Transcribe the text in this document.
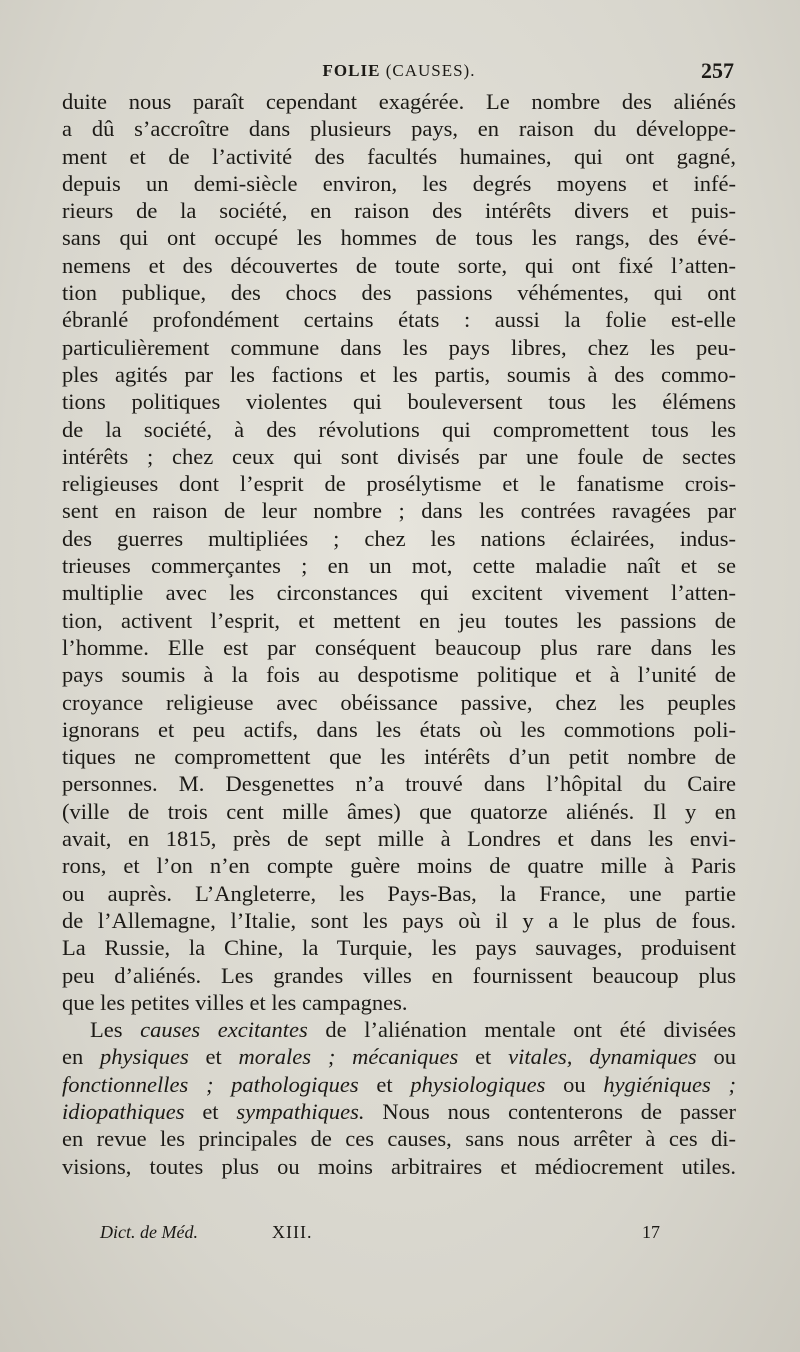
FOLIE (CAUSES).	257
duite nous paraît cependant exagérée. Le nombre des aliénés
a dû s’accroître dans plusieurs pays, en raison du développe-
ment et de l’activité des facultés humaines, qui ont gagné,
depuis un demi-siècle environ, les degrés moyens et infé-
rieurs de la société, en raison des intérêts divers et puis-
sans qui ont occupé les hommes de tous les rangs, des évé-
nemens et des découvertes de toute sorte, qui ont fixé l’atten-
tion publique, des chocs des passions véhémentes, qui ont
ébranlé profondément certains états : aussi la folie est-elle
particulièrement commune dans les pays libres, chez les peu-
ples agités par les factions et les partis, soumis à des commo-
tions politiques violentes qui bouleversent tous les élémens
de la société, à des révolutions qui compromettent tous les
intérêts ; chez ceux qui sont divisés par une foule de sectes
religieuses dont l’esprit de prosélytisme et le fanatisme crois-
sent en raison de leur nombre ; dans les contrées ravagées par
des guerres multipliées ; chez les nations éclairées, indus-
trieuses commerçantes ; en un mot, cette maladie naît et se
multiplie avec les circonstances qui excitent vivement l’atten-
tion, activent l’esprit, et mettent en jeu toutes les passions de
l’homme. Elle est par conséquent beaucoup plus rare dans les
pays soumis à la fois au despotisme politique et à l’unité de
croyance religieuse avec obéissance passive, chez les peuples
ignorans et peu actifs, dans les états où les commotions poli-
tiques ne compromettent que les intérêts d’un petit nombre de
personnes. M. Desgenettes n’a trouvé dans l’hôpital du Caire
(ville de trois cent mille âmes) que quatorze aliénés. Il y en
avait, en 1815, près de sept mille à Londres et dans les envi-
rons, et l’on n’en compte guère moins de quatre mille à Paris
ou auprès. L’Angleterre, les Pays-Bas, la France, une partie
de l’Allemagne, l’Italie, sont les pays où il y a le plus de fous.
La Russie, la Chine, la Turquie, les pays sauvages, produisent
peu d’aliénés. Les grandes villes en fournissent beaucoup plus
que les petites villes et les campagnes.
Les causes excitantes de l’aliénation mentale ont été divisées
en physiques et morales ; mécaniques et vitales, dynamiques ou
fonctionnelles ; pathologiques et physiologiques ou hygiéniques ;
idiopathiques et sympathiques. Nous nous contenterons de passer
en revue les principales de ces causes, sans nous arrêter à ces di-
visions, toutes plus ou moins arbitraires et médiocrement utiles.
Dict. de Méd.	XIII.	17
